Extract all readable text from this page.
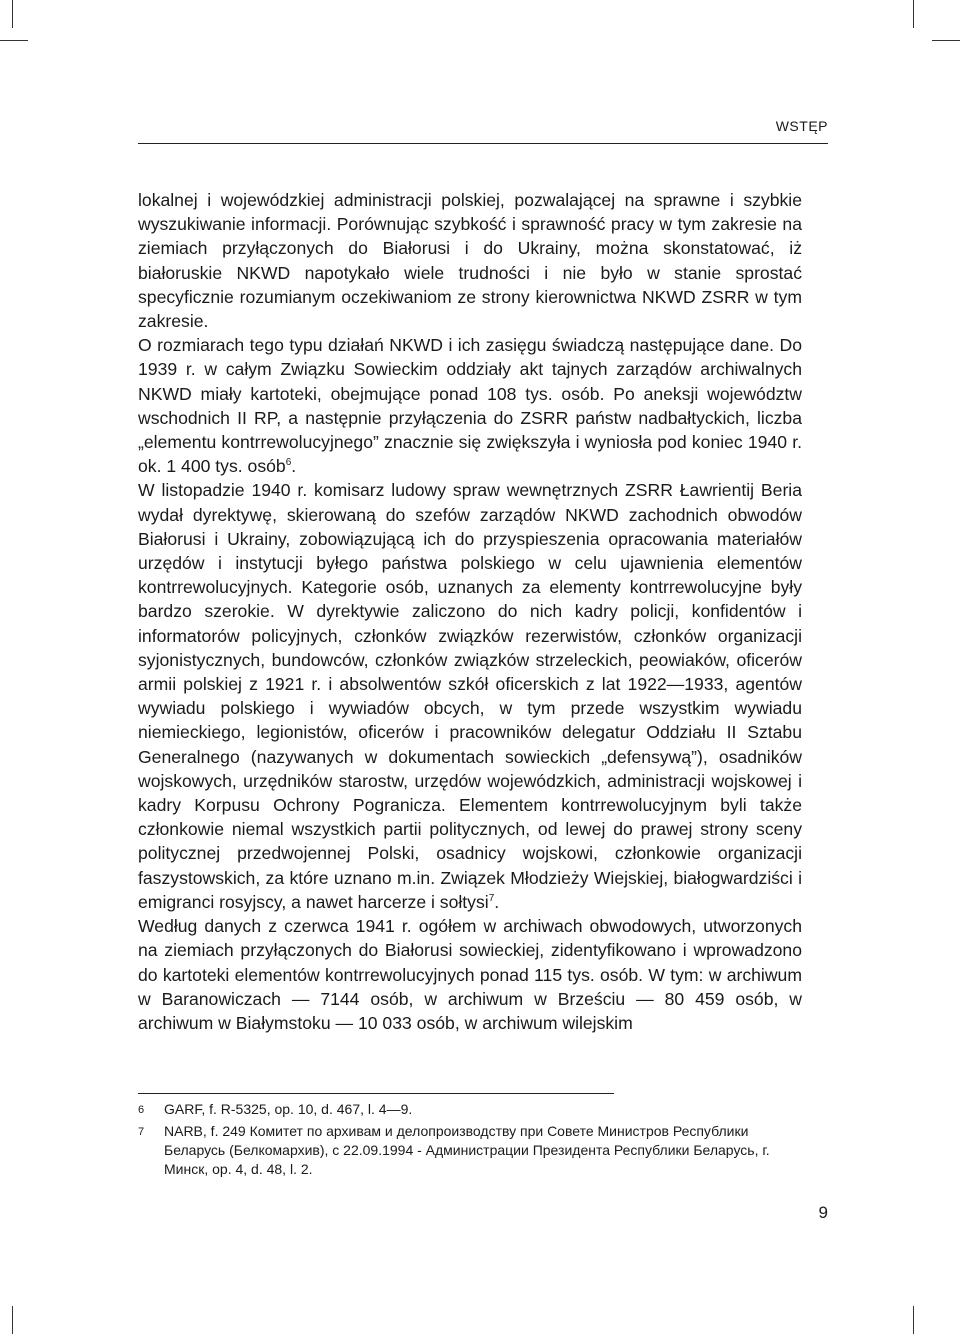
WSTĘP

lokalnej i wojewódzkiej administracji polskiej, pozwalającej na sprawne i szybkie wyszukiwanie informacji. Porównując szybkość i sprawność pracy w tym zakresie na ziemiach przyłączonych do Białorusi i do Ukrainy, można skonstatować, iż białoruskie NKWD napotykało wiele trudności i nie było w stanie sprostać specyficznie rozumianym oczekiwaniom ze strony kierownictwa NKWD ZSRR w tym zakresie.

O rozmiarach tego typu działań NKWD i ich zasięgu świadczą następujące dane. Do 1939 r. w całym Związku Sowieckim oddziały akt tajnych zarządów archiwalnych NKWD miały kartoteki, obejmujące ponad 108 tys. osób. Po aneksji województw wschodnich II RP, a następnie przyłączenia do ZSRR państw nadbałtyckich, liczba „elementu kontrrewolucyjnego” znacznie się zwiększyła i wyniosła pod koniec 1940 r. ok. 1 400 tys. osób$^6$.

W listopadzie 1940 r. komisarz ludowy spraw wewnętrznych ZSRR Ławrientij Beria wydał dyrektywę, skierowaną do szefów zarządów NKWD zachodnich obwodów Białorusi i Ukrainy, zobowiązującą ich do przyspieszenia opracowania materiałów urzędów i instytucji byłego państwa polskiego w celu ujawnienia elementów kontrrewolucyjnych. Kategorie osób, uznanych za elementy kontrrewolucyjne były bardzo szerokie. W dyrektywie zaliczono do nich kadry policji, konfidentów i informatorów policyjnych, członków związków rezerwistów, członków organizacji syjonistycznych, bundowców, członków związków strzeleckich, peowiaków, oficerów armii polskiej z 1921 r. i absolwentów szkół oficerskich z lat 1922—1933, agentów wywiadu polskiego i wywiadów obcych, w tym przede wszystkim wywiadu niemieckiego, legionistów, oficerów i pracowników delegatur Oddziału II Sztabu Generalnego (nazywanych w dokumentach sowieckich „defensywą”), osadników wojskowych, urzędników starostw, urzędów wojewódzkich, administracji wojskowej i kadry Korpusu Ochrony Pogranicza. Elementem kontrrewolucyjnym byli także członkowie niemal wszystkich partii politycznych, od lewej do prawej strony sceny politycznej przedwojennej Polski, osadnicy wojskowi, członkowie organizacji faszystowskich, za które uznano m.in. Związek Młodzieży Wiejskiej, białogwardziści i emigranci rosyjscy, a nawet harcerze i sołtysi$^7$.

Według danych z czerwca 1941 r. ogółem w archiwach obwodowych, utworzonych na ziemiach przyłączonych do Białorusi sowieckiej, zidentyfikowano i wprowadzono do kartoteki elementów kontrrewolucyjnych ponad 115 tys. osób. W tym: w archiwum w Baranowiczach — 7144 osób, w archiwum w Brześciu — 80 459 osób, w archiwum w Białymstoku — 10 033 osób, w archiwum wilejskim

6	GARF, f. R-5325, op. 10, d. 467, l. 4—9.
7	NARB, f. 249 Комитет по архивам и делопроизводству при Совете Министров Республики Беларусь (Белкомархив), с 22.09.1994 - Администрации Президента Республики Беларусь, г. Минск, ор. 4, d. 48, l. 2.
9
